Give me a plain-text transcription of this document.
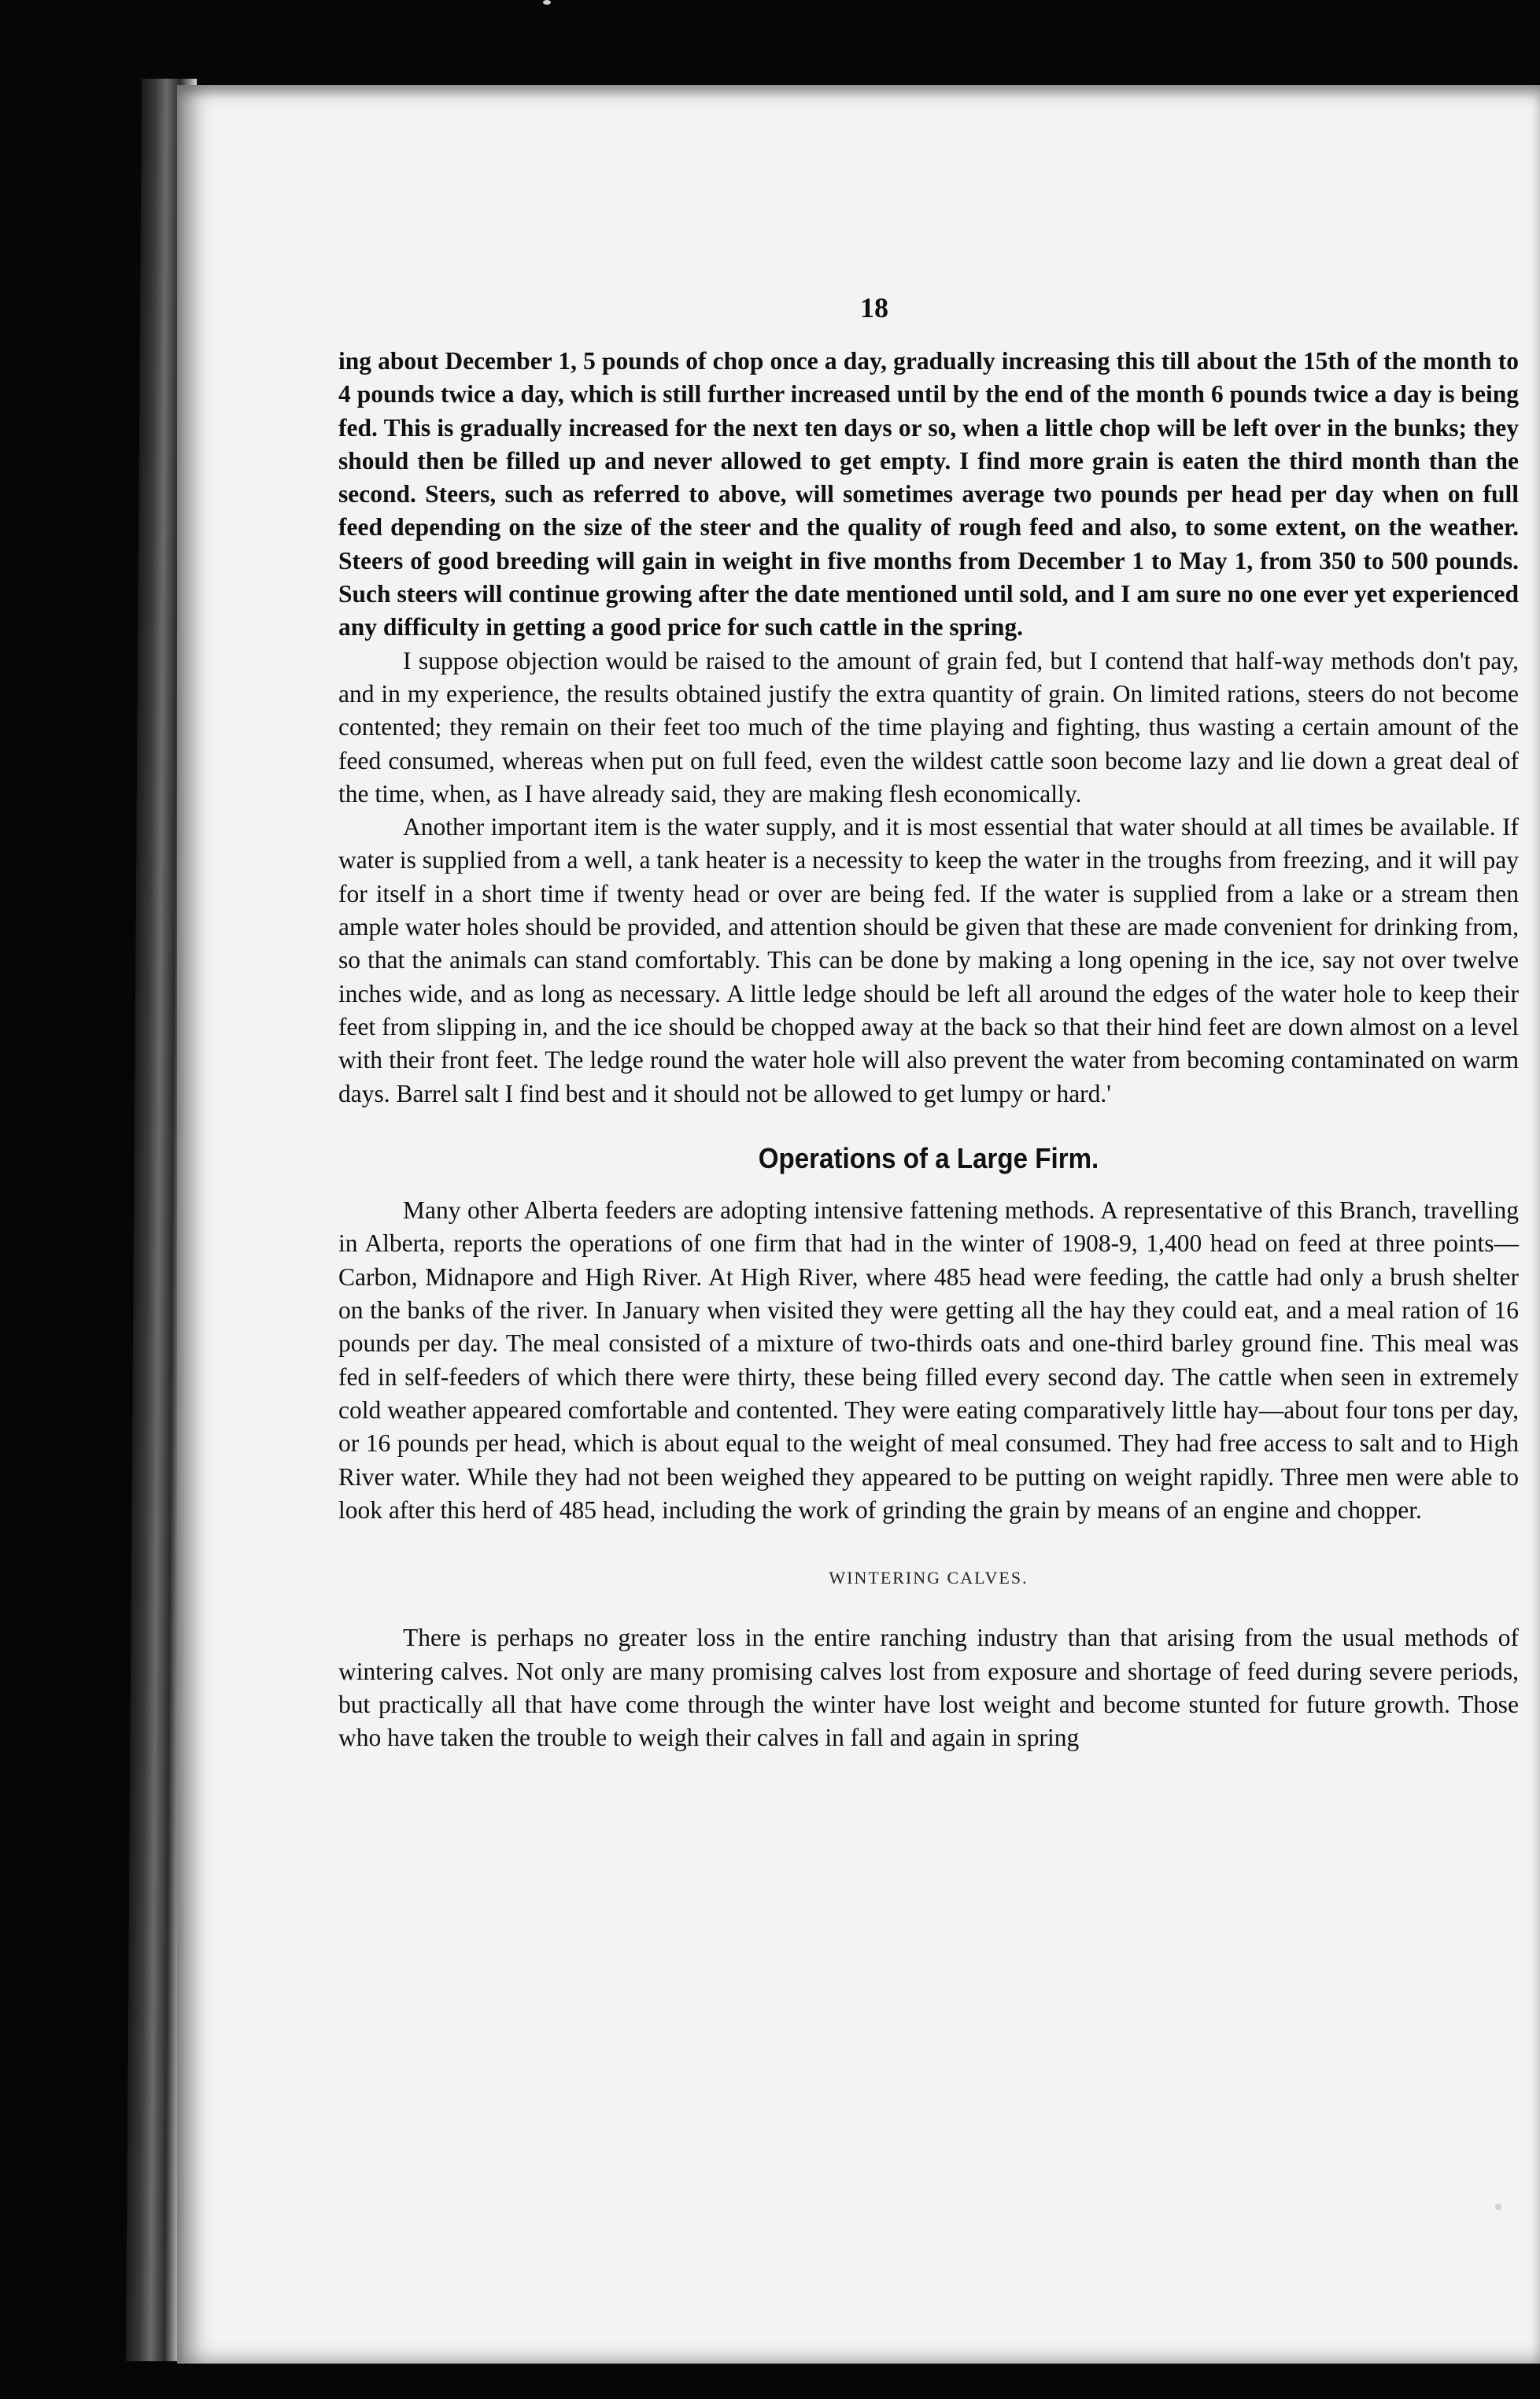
18

ing about December 1, 5 pounds of chop once a day, gradually increasing this till about the 15th of the month to 4 pounds twice a day, which is still further increased until by the end of the month 6 pounds twice a day is being fed. This is gradually increased for the next ten days or so, when a little chop will be left over in the bunks; they should then be filled up and never allowed to get empty. I find more grain is eaten the third month than the second. Steers, such as referred to above, will sometimes average two pounds per head per day when on full feed depending on the size of the steer and the quality of rough feed and also, to some extent, on the weather. Steers of good breeding will gain in weight in five months from December 1 to May 1, from 350 to 500 pounds. Such steers will continue growing after the date mentioned until sold, and I am sure no one ever yet experienced any difficulty in getting a good price for such cattle in the spring.

I suppose objection would be raised to the amount of grain fed, but I contend that half-way methods don't pay, and in my experience, the results obtained justify the extra quantity of grain. On limited rations, steers do not become contented; they remain on their feet too much of the time playing and fighting, thus wasting a certain amount of the feed consumed, whereas when put on full feed, even the wildest cattle soon become lazy and lie down a great deal of the time, when, as I have already said, they are making flesh economically.

Another important item is the water supply, and it is most essential that water should at all times be available. If water is supplied from a well, a tank heater is a necessity to keep the water in the troughs from freezing, and it will pay for itself in a short time if twenty head or over are being fed. If the water is supplied from a lake or a stream then ample water holes should be provided, and attention should be given that these are made convenient for drinking from, so that the animals can stand comfortably. This can be done by making a long opening in the ice, say not over twelve inches wide, and as long as necessary. A little ledge should be left all around the edges of the water hole to keep their feet from slipping in, and the ice should be chopped away at the back so that their hind feet are down almost on a level with their front feet. The ledge round the water hole will also prevent the water from becoming contaminated on warm days. Barrel salt I find best and it should not be allowed to get lumpy or hard.'

Operations of a Large Firm.

Many other Alberta feeders are adopting intensive fattening methods. A representative of this Branch, travelling in Alberta, reports the operations of one firm that had in the winter of 1908-9, 1,400 head on feed at three points—Carbon, Midnapore and High River. At High River, where 485 head were feeding, the cattle had only a brush shelter on the banks of the river. In January when visited they were getting all the hay they could eat, and a meal ration of 16 pounds per day. The meal consisted of a mixture of two-thirds oats and one-third barley ground fine. This meal was fed in self-feeders of which there were thirty, these being filled every second day. The cattle when seen in extremely cold weather appeared comfortable and contented. They were eating comparatively little hay—about four tons per day, or 16 pounds per head, which is about equal to the weight of meal consumed. They had free access to salt and to High River water. While they had not been weighed they appeared to be putting on weight rapidly. Three men were able to look after this herd of 485 head, including the work of grinding the grain by means of an engine and chopper.

WINTERING CALVES.

There is perhaps no greater loss in the entire ranching industry than that arising from the usual methods of wintering calves. Not only are many promising calves lost from exposure and shortage of feed during severe periods, but practically all that have come through the winter have lost weight and become stunted for future growth. Those who have taken the trouble to weigh their calves in fall and again in spring
